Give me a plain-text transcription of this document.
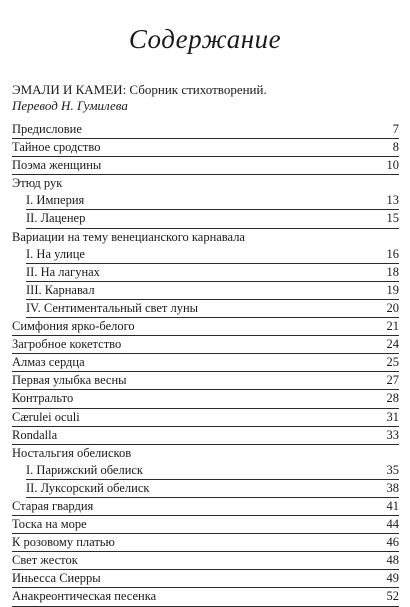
Содержание
ЭМАЛИ И КАМЕИ: Сборник стихотворений.
Перевод Н. Гумилева
Предисловие	7
Тайное сродство	8
Поэма женщины	10
Этюд рук
I. Империя	13
II. Лаценер	15
Вариации на тему венецианского карнавала
I. На улице	16
II. На лагунах	18
III. Карнавал	19
IV. Сентиментальный свет луны	20
Симфония ярко-белого	21
Загробное кокетство	24
Алмаз сердца	25
Первая улыбка весны	27
Контральто	28
Cærulei oculi	31
Rondalla	33
Ностальгия обелисков
I. Парижский обелиск	35
II. Луксорский обелиск	38
Старая гвардия	41
Тоска на море	44
К розовому платью	46
Свет жесток	48
Иньесса Сиерры	49
Анакреонтическая песенка	52
